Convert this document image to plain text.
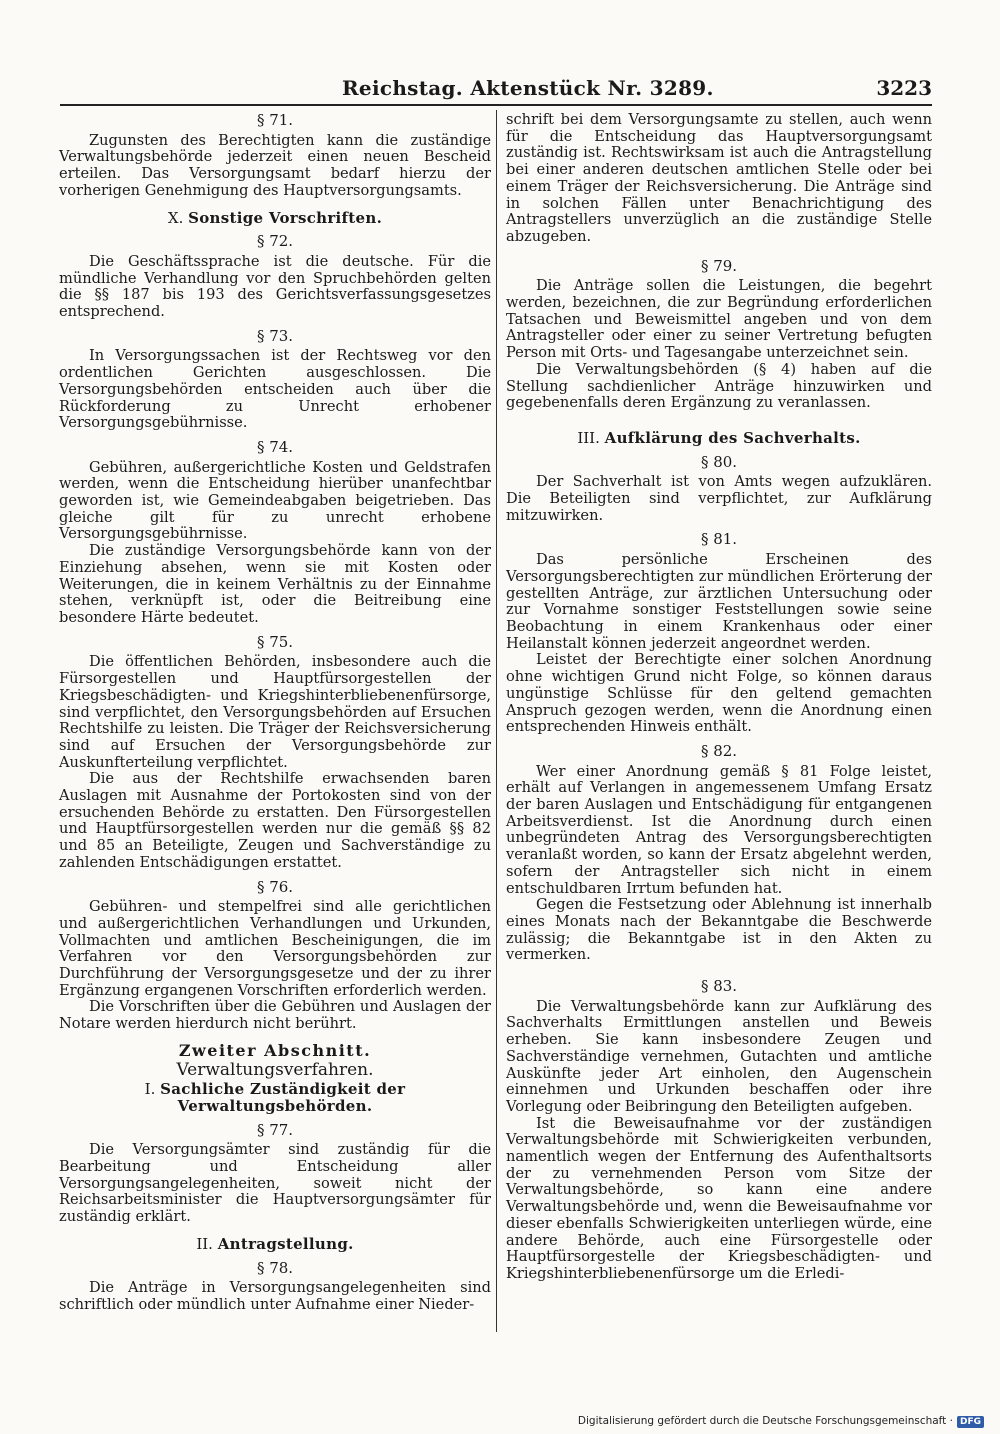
Reichstag. Aktenstück Nr. 3289.	3223
§ 71.

Zugunsten des Berechtigten kann die zuständige Verwaltungsbehörde jederzeit einen neuen Bescheid erteilen. Das Versorgungsamt bedarf hierzu der vorherigen Genehmigung des Hauptversorgungsamts.

X. Sonstige Vorschriften.
§ 72.

Die Geschäftssprache ist die deutsche. Für die mündliche Verhandlung vor den Spruchbehörden gelten die §§ 187 bis 193 des Gerichtsverfassungsgesetzes entsprechend.

§ 73.

In Versorgungssachen ist der Rechtsweg vor den ordentlichen Gerichten ausgeschlossen. Die Versorgungsbehörden entscheiden auch über die Rückforderung zu Unrecht erhobener Versorgungsgebührnisse.

§ 74.

Gebühren, außergerichtliche Kosten und Geldstrafen werden, wenn die Entscheidung hierüber unanfechtbar geworden ist, wie Gemeindeabgaben beigetrieben. Das gleiche gilt für zu unrecht erhobene Versorgungsgebührnisse.

Die zuständige Versorgungsbehörde kann von der Einziehung absehen, wenn sie mit Kosten oder Weiterungen, die in keinem Verhältnis zu der Einnahme stehen, verknüpft ist, oder die Beitreibung eine besondere Härte bedeutet.

§ 75.

Die öffentlichen Behörden, insbesondere auch die Fürsorgestellen und Hauptfürsorgestellen der Kriegsbeschädigten- und Kriegshinterbliebenenfürsorge, sind verpflichtet, den Versorgungsbehörden auf Ersuchen Rechtshilfe zu leisten. Die Träger der Reichsversicherung sind auf Ersuchen der Versorgungsbehörde zur Auskunfterteilung verpflichtet.

Die aus der Rechtshilfe erwachsenden baren Auslagen mit Ausnahme der Portokosten sind von der ersuchenden Behörde zu erstatten. Den Fürsorgestellen und Hauptfürsorgestellen werden nur die gemäß §§ 82 und 85 an Beteiligte, Zeugen und Sachverständige zu zahlenden Entschädigungen erstattet.

§ 76.

Gebühren- und stempelfrei sind alle gerichtlichen und außergerichtlichen Verhandlungen und Urkunden, Vollmachten und amtlichen Bescheinigungen, die im Verfahren vor den Versorgungsbehörden zur Durchführung der Versorgungsgesetze und der zu ihrer Ergänzung ergangenen Vorschriften erforderlich werden.

Die Vorschriften über die Gebühren und Auslagen der Notare werden hierdurch nicht berührt.

Zweiter Abschnitt.
Verwaltungsverfahren.
I. Sachliche Zuständigkeit der Verwaltungsbehörden.
§ 77.

Die Versorgungsämter sind zuständig für die Bearbeitung und Entscheidung aller Versorgungsangelegenheiten, soweit nicht der Reichsarbeitsminister die Hauptversorgungsämter für zuständig erklärt.

II. Antragstellung.
§ 78.

Die Anträge in Versorgungsangelegenheiten sind schriftlich oder mündlich unter Aufnahme einer Nieder-

schrift bei dem Versorgungsamte zu stellen, auch wenn für die Entscheidung das Hauptversorgungsamt zuständig ist. Rechtswirksam ist auch die Antragstellung bei einer anderen deutschen amtlichen Stelle oder bei einem Träger der Reichsversicherung. Die Anträge sind in solchen Fällen unter Benachrichtigung des Antragstellers unverzüglich an die zuständige Stelle abzugeben.

§ 79.

Die Anträge sollen die Leistungen, die begehrt werden, bezeichnen, die zur Begründung erforderlichen Tatsachen und Beweismittel angeben und von dem Antragsteller oder einer zu seiner Vertretung befugten Person mit Orts- und Tagesangabe unterzeichnet sein.

Die Verwaltungsbehörden (§ 4) haben auf die Stellung sachdienlicher Anträge hinzuwirken und gegebenenfalls deren Ergänzung zu veranlassen.

III. Aufklärung des Sachverhalts.
§ 80.

Der Sachverhalt ist von Amts wegen aufzuklären. Die Beteiligten sind verpflichtet, zur Aufklärung mitzuwirken.

§ 81.

Das persönliche Erscheinen des Versorgungsberechtigten zur mündlichen Erörterung der gestellten Anträge, zur ärztlichen Untersuchung oder zur Vornahme sonstiger Feststellungen sowie seine Beobachtung in einem Krankenhaus oder einer Heilanstalt können jederzeit angeordnet werden.

Leistet der Berechtigte einer solchen Anordnung ohne wichtigen Grund nicht Folge, so können daraus ungünstige Schlüsse für den geltend gemachten Anspruch gezogen werden, wenn die Anordnung einen entsprechenden Hinweis enthält.

§ 82.

Wer einer Anordnung gemäß § 81 Folge leistet, erhält auf Verlangen in angemessenem Umfang Ersatz der baren Auslagen und Entschädigung für entgangenen Arbeitsverdienst. Ist die Anordnung durch einen unbegründeten Antrag des Versorgungsberechtigten veranlaßt worden, so kann der Ersatz abgelehnt werden, sofern der Antragsteller sich nicht in einem entschuldbaren Irrtum befunden hat.

Gegen die Festsetzung oder Ablehnung ist innerhalb eines Monats nach der Bekanntgabe die Beschwerde zulässig; die Bekanntgabe ist in den Akten zu vermerken.

§ 83.

Die Verwaltungsbehörde kann zur Aufklärung des Sachverhalts Ermittlungen anstellen und Beweis erheben. Sie kann insbesondere Zeugen und Sachverständige vernehmen, Gutachten und amtliche Auskünfte jeder Art einholen, den Augenschein einnehmen und Urkunden beschaffen oder ihre Vorlegung oder Beibringung den Beteiligten aufgeben.

Ist die Beweisaufnahme vor der zuständigen Verwaltungsbehörde mit Schwierigkeiten verbunden, namentlich wegen der Entfernung des Aufenthaltsorts der zu vernehmenden Person vom Sitze der Verwaltungsbehörde, so kann eine andere Verwaltungsbehörde und, wenn die Beweisaufnahme vor dieser ebenfalls Schwierigkeiten unterliegen würde, eine andere Behörde, auch eine Fürsorgestelle oder Hauptfürsorgestelle der Kriegsbeschädigten- und Kriegshinterbliebenenfürsorge um die Erledi-

Digitalisierung gefördert durch die Deutsche Forschungsgemeinschaft · DFG
